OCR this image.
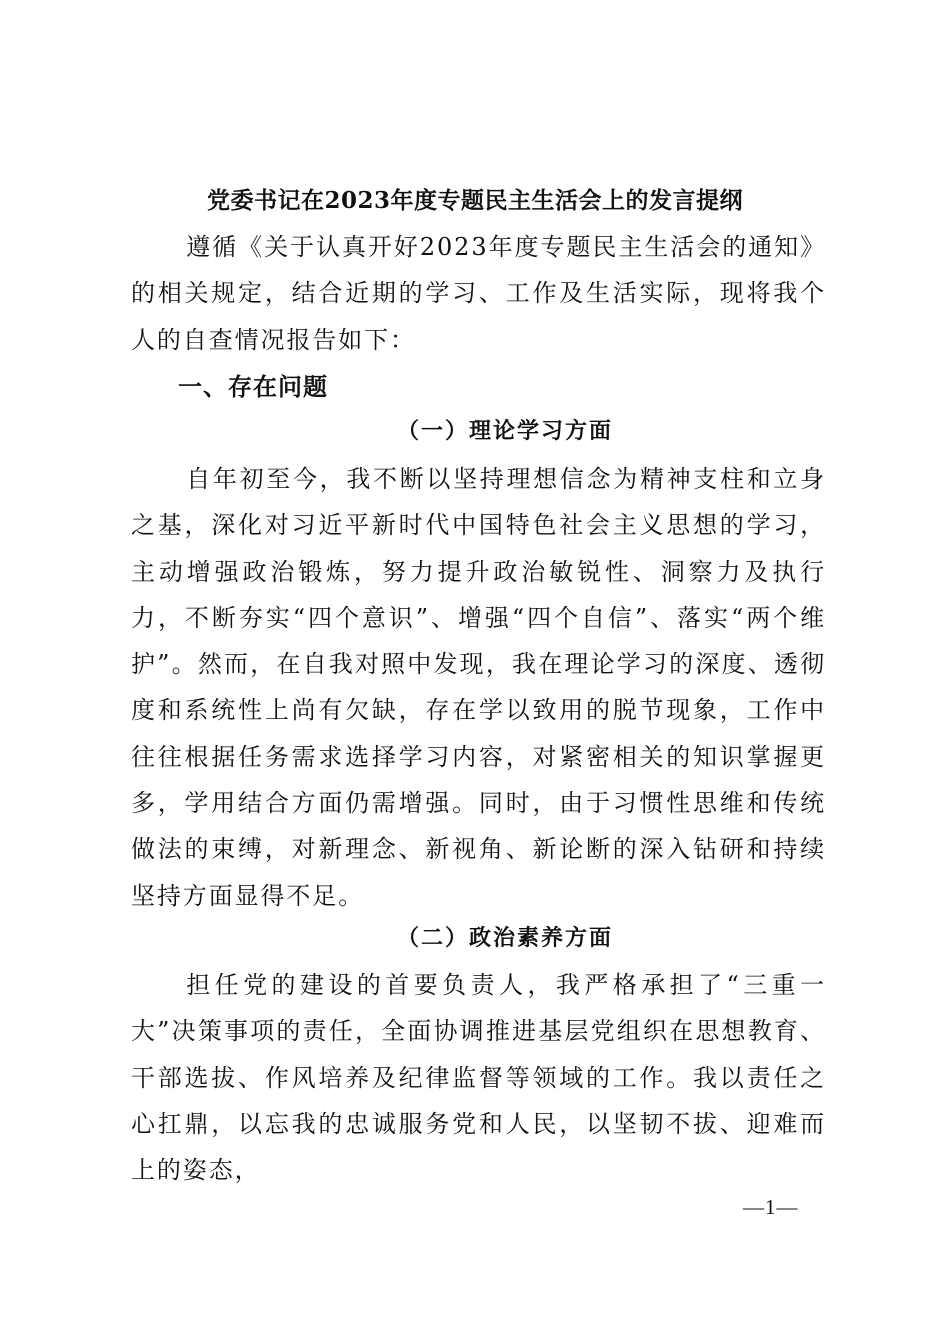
党委书记在2023年度专题民主生活会上的发言提纲

遵循《关于认真开好2023年度专题民主生活会的通知》的相关规定，结合近期的学习、工作及生活实际，现将我个人的自查情况报告如下：

一、存在问题
（一）理论学习方面

自年初至今，我不断以坚持理想信念为精神支柱和立身之基，深化对习近平新时代中国特色社会主义思想的学习，主动增强政治锻炼，努力提升政治敏锐性、洞察力及执行力，不断夯实“四个意识”、增强“四个自信”、落实“两个维护”。然而，在自我对照中发现，我在理论学习的深度、透彻度和系统性上尚有欠缺，存在学以致用的脱节现象，工作中往往根据任务需求选择学习内容，对紧密相关的知识掌握更多，学用结合方面仍需增强。同时，由于习惯性思维和传统做法的束缚，对新理念、新视角、新论断的深入钻研和持续坚持方面显得不足。

（二）政治素养方面

担任党的建设的首要负责人，我严格承担了“三重一大”决策事项的责任，全面协调推进基层党组织在思想教育、干部选拔、作风培养及纪律监督等领域的工作。我以责任之心扛鼎，以忘我的忠诚服务党和人民，以坚韧不拔、迎难而上的姿态，

—1—
